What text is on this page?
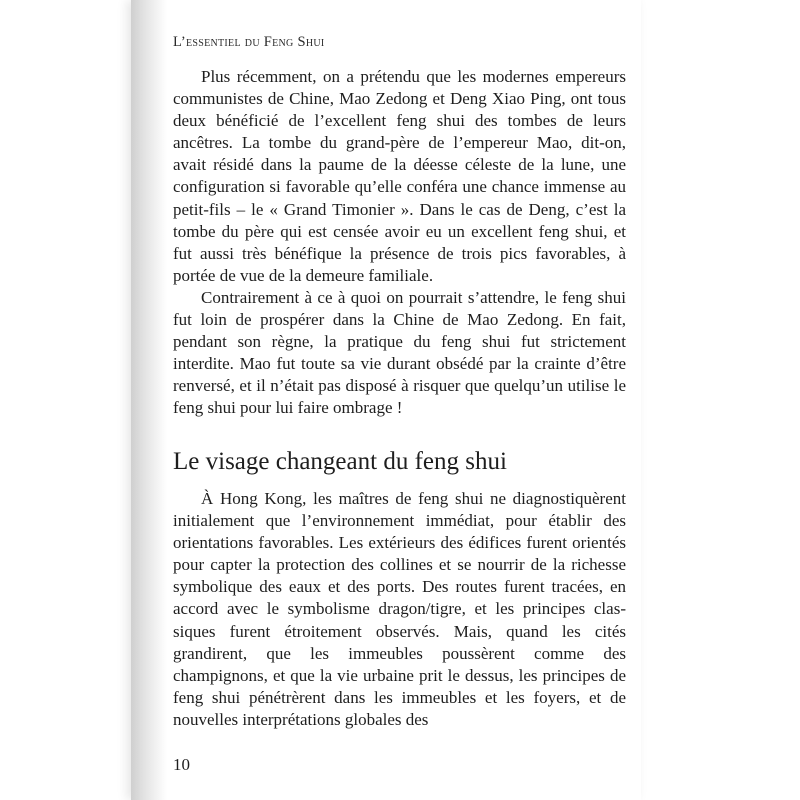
L’essentiel du Feng Shui

Plus récemment, on a prétendu que les modernes empereurs communistes de Chine, Mao Zedong et Deng Xiao Ping, ont tous deux bénéficié de l’excellent feng shui des tombes de leurs ancêtres. La tombe du grand-père de l’empereur Mao, dit-on, avait résidé dans la paume de la déesse céleste de la lune, une configuration si favorable qu’elle conféra une chance immense au petit-fils – le « Grand Timonier ». Dans le cas de Deng, c’est la tombe du père qui est censée avoir eu un excellent feng shui, et fut aussi très bénéfique la présence de trois pics favorables, à portée de vue de la demeure familiale.

Contrairement à ce à quoi on pourrait s’attendre, le feng shui fut loin de prospérer dans la Chine de Mao Zedong. En fait, pendant son règne, la pratique du feng shui fut strictement interdite. Mao fut toute sa vie durant obsédé par la crainte d’être renversé, et il n’était pas disposé à risquer que quelqu’un utilise le feng shui pour lui faire ombrage !

Le visage changeant du feng shui

À Hong Kong, les maîtres de feng shui ne diagnostiquèrent initialement que l’environnement immédiat, pour établir des orientations favorables. Les extérieurs des édifices furent orientés pour capter la protection des collines et se nourrir de la richesse symbolique des eaux et des ports. Des routes furent tracées, en accord avec le symbolisme dragon/tigre, et les principes classiques furent étroitement observés. Mais, quand les cités grandirent, que les immeubles poussèrent comme des champignons, et que la vie urbaine prit le dessus, les principes de feng shui pénétrèrent dans les immeubles et les foyers, et de nouvelles interprétations globales des

10
